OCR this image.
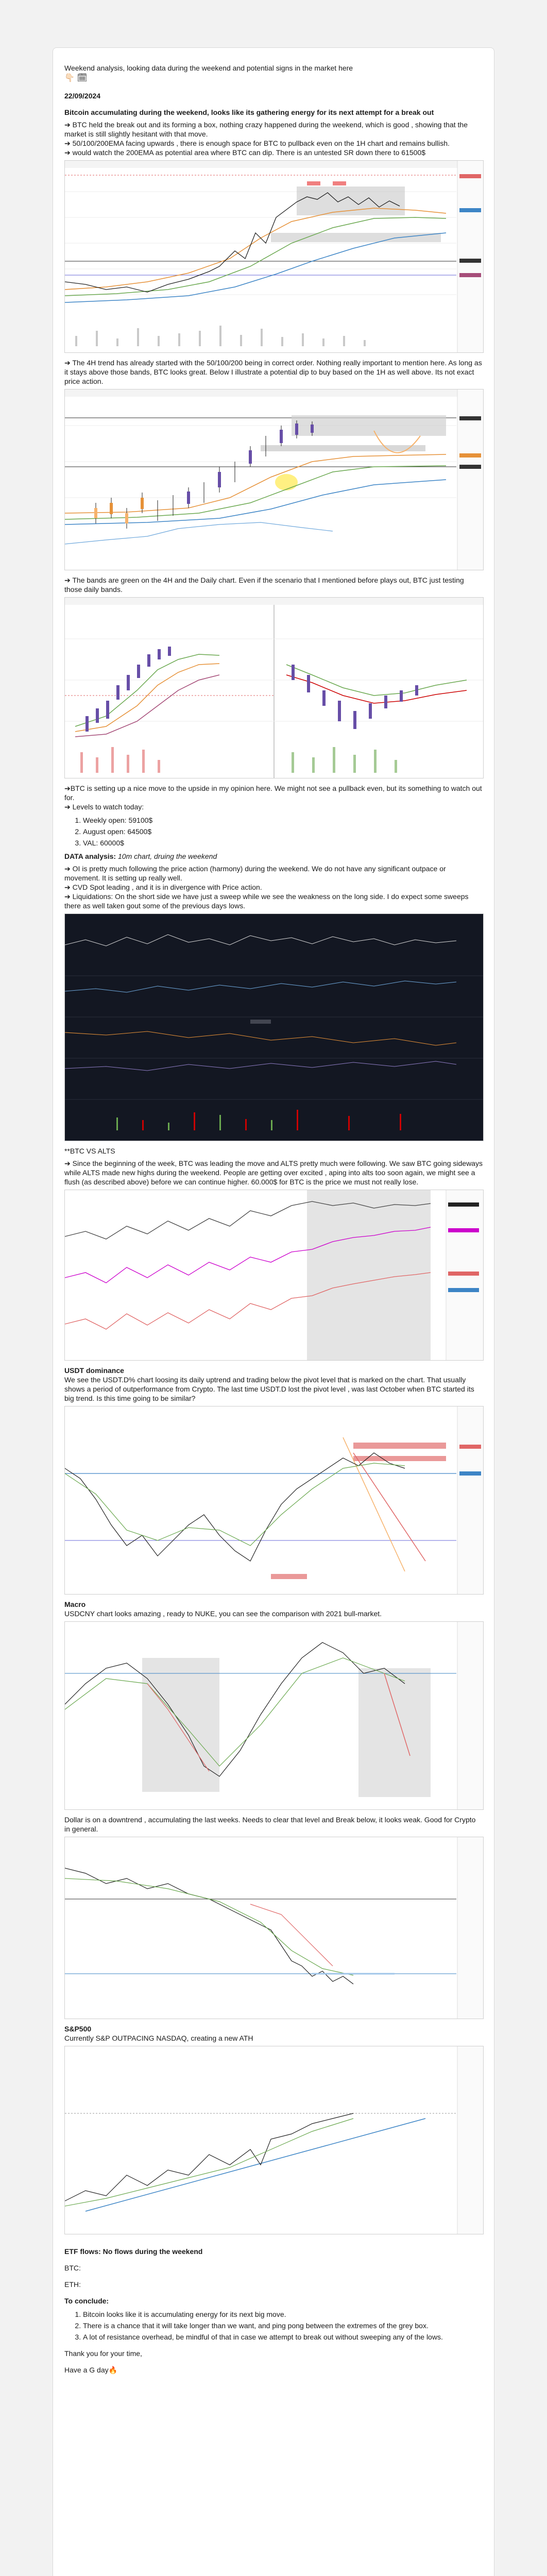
Weekend analysis, looking data during the weekend and potential signs in the market here

👇🏻 🗓

22/09/2024

Bitcoin accumulating during the weekend, looks like its gathering energy for its next attempt for a break out

➔ BTC held the break out and its forming a box, nothing crazy happened during the weekend, which is good , showing that the market is still slightly hesitant with that move.

➔ 50/100/200EMA facing upwards , there is enough space for BTC to pullback even on the 1H chart and remains bullish.

➔ would watch the 200EMA as potential area where BTC can dip. There is an untested SR down there to 61500$

➔ The 4H trend has already started with the 50/100/200 being in correct order. Nothing really important to mention here. As long as it stays above those bands, BTC looks great. Below I illustrate a potential dip to buy based on the 1H as well above. Its not exact price action.

➔ The bands are green on the 4H and the Daily chart. Even if the scenario that I mentioned before plays out, BTC just testing those daily bands.

➔BTC is setting up a nice move to the upside in my opinion here. We might not see a pullback even, but its something to watch out for.

➔ Levels to watch today:

1. Weekly open: 59100$
2. August open: 64500$
3. VAL: 60000$

DATA analysis: 10m chart, druing the weekend

➔ OI is pretty much following the price action (harmony) during the weekend. We do not have any significant outpace or movement. It is setting up really well.

➔ CVD Spot leading , and it is in divergence with Price action.

➔ Liquidations: On the short side we have just a sweep while we see the weakness on the long side. I do expect some sweeps there as well taken gout some of the previous days lows.

**BTC VS ALTS

➔ Since the beginning of the week, BTC was leading the move and ALTS pretty much were following. We saw BTC going sideways while ALTS made new highs during the weekend. People are getting over excited , aping into alts too soon again, we might see a flush (as described above) before we can continue higher. 60.000$ for BTC is the price we must not really lose.

USDT dominance

We see the USDT.D% chart loosing its daily uptrend and trading below the pivot level that is marked on the chart. That usually shows a period of outperformance from Crypto. The last time USDT.D lost the pivot level , was last October when BTC started its big trend. Is this time going to be similar?

Macro

USDCNY chart looks amazing , ready to NUKE, you can see the comparison with 2021 bull-market.

Dollar is on a downtrend , accumulating the last weeks. Needs to clear that level and Break below, it looks weak. Good for Crypto in general.

S&P500

Currently S&P OUTPACING NASDAQ, creating a new ATH

ETF flows: No flows during the weekend

BTC:

ETH:

To conclude:

1. Bitcoin looks like it is accumulating energy for its next big move.
2. There is a chance that it will take longer than we want, and ping pong between the extremes of the grey box.
3. A lot of resistance overhead, be mindful of that in case we attempt to break out without sweeping any of the lows.

Thank you for your time,

Have a G day🔥
